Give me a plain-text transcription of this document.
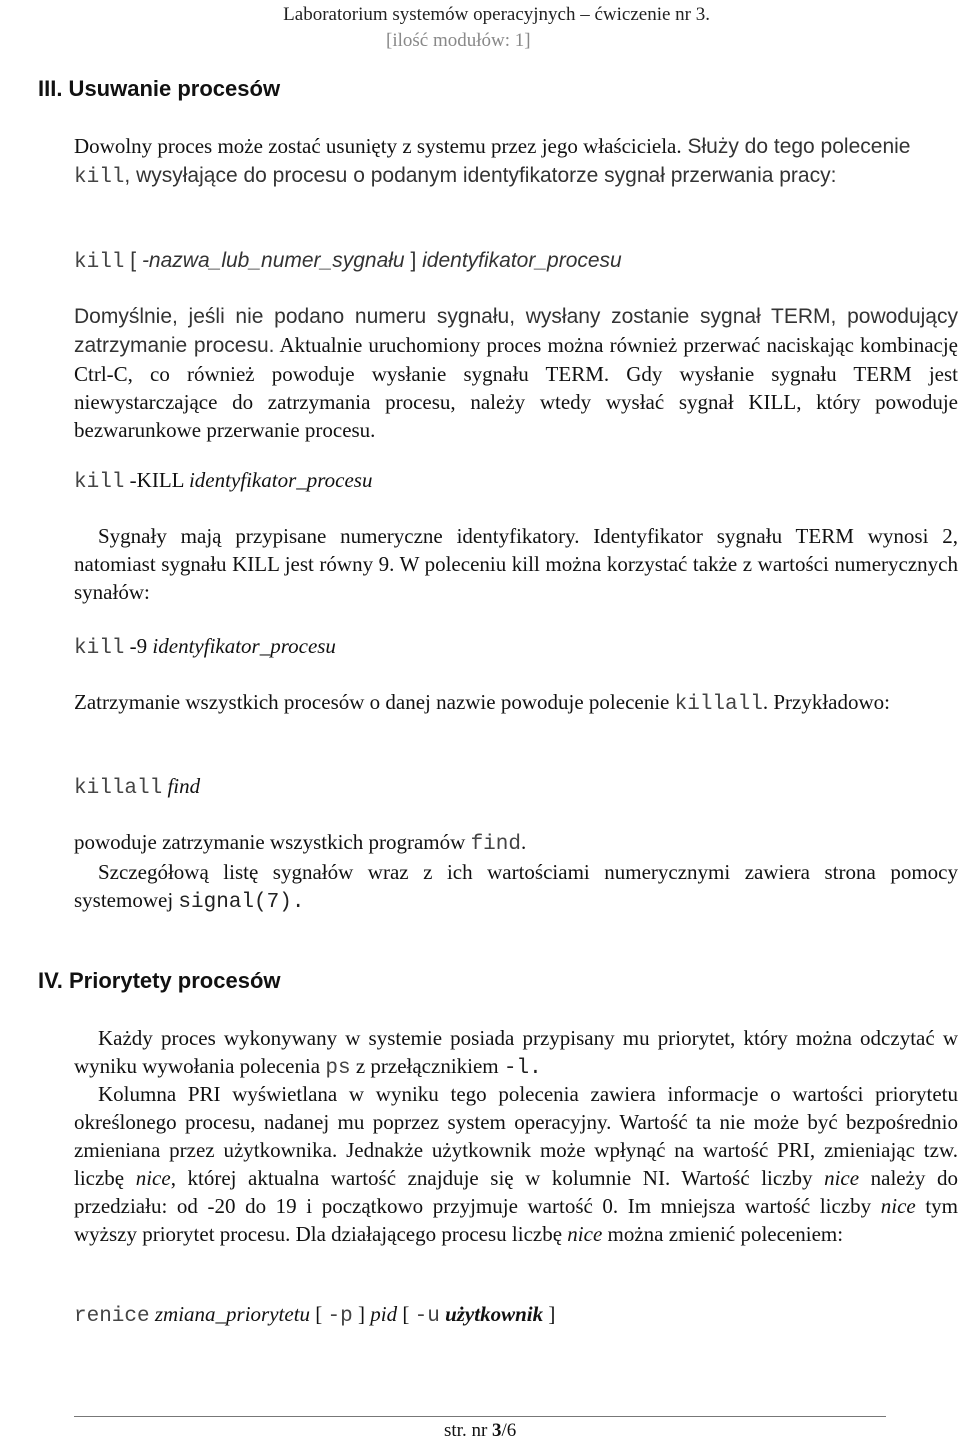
Laboratorium systemów operacyjnych – ćwiczenie nr 3.
[ilość modułów: 1]
III. Usuwanie procesów

Dowolny proces może zostać usunięty z systemu przez jego właściciela. Służy do tego polecenie kill, wysyłające do procesu o podanym identyfikatorze sygnał przerwania pracy:

kill [ -nazwa_lub_numer_sygnału ] identyfikator_procesu

Domyślnie, jeśli nie podano numeru sygnału, wysłany zostanie sygnał TERM, powodujący zatrzymanie procesu. Aktualnie uruchomiony proces można również przerwać naciskając kombinację Ctrl-C, co również powoduje wysłanie sygnału TERM. Gdy wysłanie sygnału TERM jest niewystarczające do zatrzymania procesu, należy wtedy wysłać sygnał KILL, który powoduje bezwarunkowe przerwanie procesu.

kill -KILL identyfikator_procesu

Sygnały mają przypisane numeryczne identyfikatory. Identyfikator sygnału TERM wynosi 2, natomiast sygnału KILL jest równy 9. W poleceniu kill można korzystać także z wartości numerycznych synałów:

kill -9 identyfikator_procesu

Zatrzymanie wszystkich procesów o danej nazwie powoduje polecenie killall. Przykładowo:

killall find

powoduje zatrzymanie wszystkich programów find.

Szczegółową listę sygnałów wraz z ich wartościami numerycznymi zawiera strona pomocy systemowej signal(7).

IV. Priorytety procesów

Każdy proces wykonywany w systemie posiada przypisany mu priorytet, który można odczytać w wyniku wywołania polecenia ps z przełącznikiem -l.

Kolumna PRI wyświetlana w wyniku tego polecenia zawiera informacje o wartości priorytetu określonego procesu, nadanej mu poprzez system operacyjny. Wartość ta nie może być bezpośrednio zmieniana przez użytkownika. Jednakże użytkownik może wpłynąć na wartość PRI, zmieniając tzw. liczbę nice, której aktualna wartość znajduje się w kolumnie NI. Wartość liczby nice należy do przedziału: od -20 do 19 i początkowo przyjmuje wartość 0. Im mniejsza wartość liczby nice tym wyższy priorytet procesu. Dla działającego procesu liczbę nice można zmienić poleceniem:

renice zmiana_priorytetu [ -p ] pid [ -u użytkownik ]
str. nr 3/6
